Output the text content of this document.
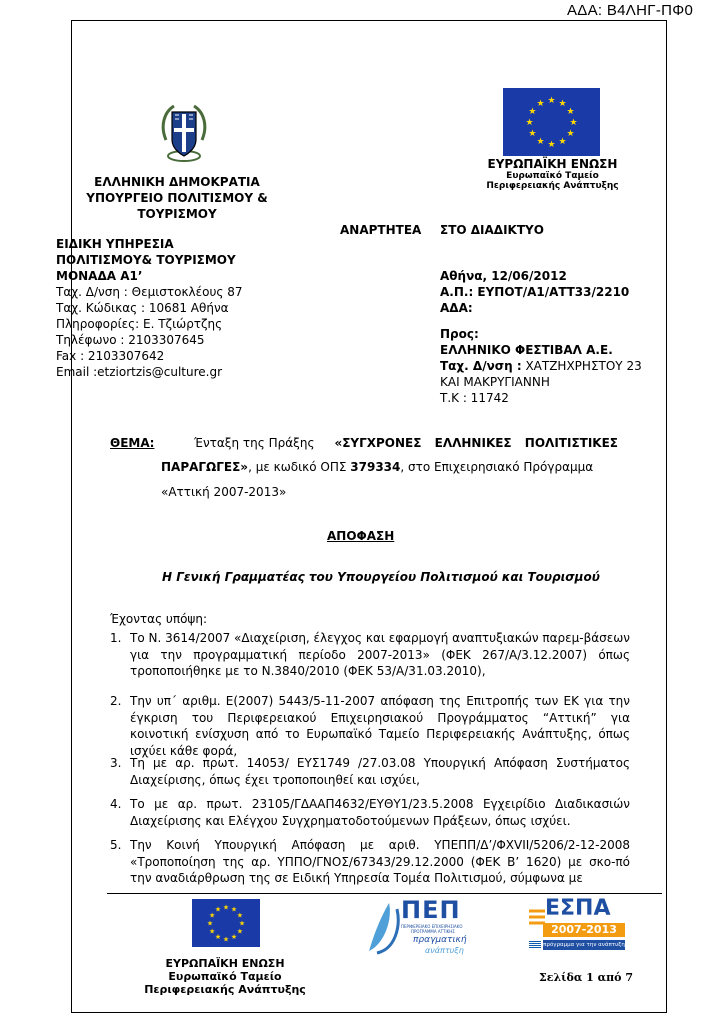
ΑΔΑ: Β4ΛΗΓ-ΠΦ0
ΕΛΛΗΝΙΚΗ ΔΗΜΟΚΡΑΤΙΑ
ΥΠΟΥΡΓΕΙΟ ΠΟΛΙΤΙΣΜΟΥ &
ΤΟΥΡΙΣΜΟΥ
★
★
★
★
★
★
★
★
★ ★ ★
★
ΕΥΡΩΠΑΪΚΗ ΕΝΩΣΗ
Ευρωπαϊκό Ταμείο
Περιφερειακής Ανάπτυξης
ΑΝΑΡΤΗΤΕΑ ΣΤΟ ΔΙΑΔΙΚΤΥΟ
ΕΙΔΙΚΗ ΥΠΗΡΕΣΙΑ
ΠΟΛΙΤΙΣΜΟΥ& ΤΟΥΡΙΣΜΟΥ
ΜΟΝΑΔΑ Α1’
Ταχ. Δ/νση : Θεμιστοκλέους 87
Ταχ. Κώδικας : 10681 Αθήνα
Πληροφορίες: Ε. Τζιώρτζης
Τηλέφωνο : 2103307645
Fax : 2103307642
Email :etziortzis@culture.gr
Αθήνα, 12/06/2012
Α.Π.: ΕΥΠΟΤ/Α1/ΑΤΤ33/2210
ΑΔΑ:
Προς:
ΕΛΛΗΝΙΚΟ ΦΕΣΤΙΒΑΛ Α.Ε.
Ταχ. Δ/νση : ΧΑΤΖΗΧΡΗΣΤΟΥ 23
ΚΑΙ ΜΑΚΡΥΓΙΑΝΝΗ
Τ.Κ : 11742
ΘΕΜΑ:	Ένταξη της Πράξης «ΣΥΓΧΡΟΝΕΣ ΕΛΛΗΝΙΚΕΣ ΠΟΛΙΤΙΣΤΙΚΕΣ
ΠΑΡΑΓΩΓΕΣ», με κωδικό ΟΠΣ 379334, στο Επιχειρησιακό Πρόγραμμα
«Αττική 2007-2013»
ΑΠΟΦΑΣΗ
Η Γενική Γραμματέας του Υπουργείου Πολιτισμού και Τουρισμού
Έχοντας υπόψη:
1. Το Ν. 3614/2007 «Διαχείριση, έλεγχος και εφαρμογή αναπτυξιακών παρεμ-βάσεων για την προγραμματική περίοδο 2007-2013» (ΦΕΚ 267/Α/3.12.2007) όπως τροποποιήθηκε με το Ν.3840/2010 (ΦΕΚ 53/Α/31.03.2010),
2. Την υπ΄ αριθμ. Ε(2007) 5443/5-11-2007 απόφαση της Επιτροπής των ΕΚ για την έγκριση του Περιφερειακού Επιχειρησιακού Προγράμματος “Αττική” για κοινοτική ενίσχυση από το Ευρωπαϊκό Ταμείο Περιφερειακής Ανάπτυξης, όπως ισχύει κάθε φορά,
3. Τη με αρ. πρωτ. 14053/ ΕΥΣ1749 /27.03.08 Υπουργική Απόφαση Συστήματος Διαχείρισης, όπως έχει τροποποιηθεί και ισχύει,
4. Το με αρ. πρωτ. 23105/ΓΔΑΑΠ4632/ΕΥΘΥ1/23.5.2008 Εγχειρίδιο Διαδικασιών Διαχείρισης και Ελέγχου Συγχρηματοδοτούμενων Πράξεων, όπως ισχύει.
5. Την Κοινή Υπουργική Απόφαση με αριθ. ΥΠΕΠΠ/Δ’/ΦΧVII/5206/2-12-2008 «Τροποποίηση της αρ. ΥΠΠΟ/ΓΝΟΣ/67343/29.12.2000 (ΦΕΚ Β’ 1620) με σκο-πό την αναδιάρθρωση της σε Ειδική Υπηρεσία Τομέα Πολιτισμού, σύμφωνα με
★
★
★
★
★
★
★
★
★ ★ ★
★
ΕΥΡΩΠΑΪΚΗ ΕΝΩΣΗ
Ευρωπαϊκό Ταμείο
Περιφερειακής Ανάπτυξης
ΠΕΠ
ΠΕΡΙΦΕΡΕΙΑΚΟ ΕΠΙΧΕΙΡΗΣΙΑΚΟ
ΠΡΟΓΡΑΜΜΑ ΑΤΤΙΚΗΣ
πραγματική
ανάπτυξη
ΕΣΠΑ
2007-2013
πρόγραμμα για την ανάπτυξη
Σελίδα 1 από 7
